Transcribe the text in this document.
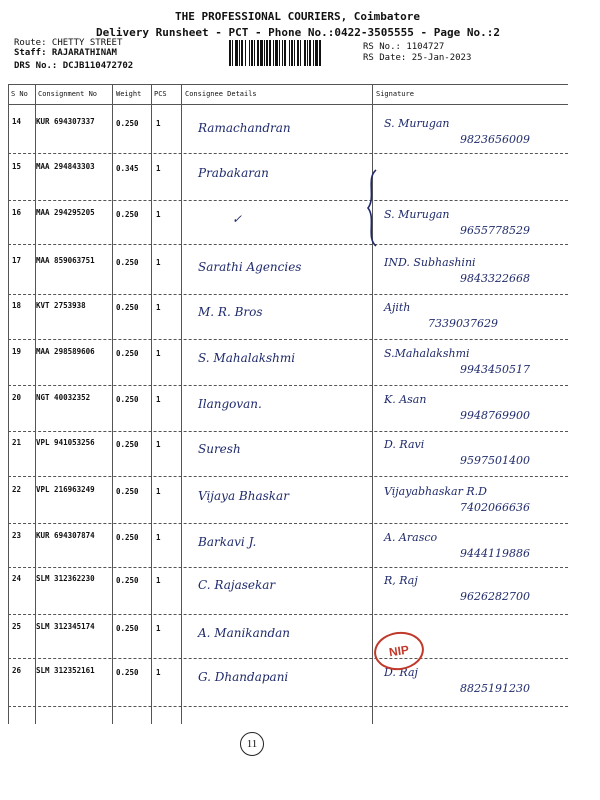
THE PROFESSIONAL COURIERS, Coimbatore
Delivery Runsheet - PCT - Phone No.:0422-3505555 - Page No.:2
Route: CHETTY STREET
Staff: RAJARATHINAM
DRS No.: DCJB110472702
RS No.: 1104727
RS Date: 25-Jan-2023
S No Consignment No	Weight PCS	Consignee Details	Signature
14 KUR 694307337	0.250 1	Ramachandran	S. Murugan
9823656009
15 MAA 294843303	0.345 1	Prabakaran
16 MAA 294295205	0.250 1	✓	S. Murugan
9655778529
17 MAA 859063751	0.250 1	Sarathi Agencies	IND. Subhashini
9843322668
18 KVT 2753938	0.250 1	M. R. Bros	Ajith
7339037629
19 MAA 298589606	0.250 1	S. Mahalakshmi	S.Mahalakshmi
9943450517
20 NGT 40032352	0.250 1	Ilangovan.	K. Asan
9948769900
21 VPL 941053256	0.250 1	Suresh	D. Ravi
9597501400
22 VPL 216963249	0.250 1	Vijaya Bhaskar	Vijayabhaskar R.D
7402066636
23 KUR 694307874	0.250 1	Barkavi J.	A. Arasco
9444119886
24 SLM 312362230	0.250 1	C. Rajasekar	R, Raj
9626282700
25 SLM 312345174	0.250 1	A. Manikandan
26 SLM 312352161	0.250 1	G. Dhandapani	D. Raj
8825191230
NIP
11
